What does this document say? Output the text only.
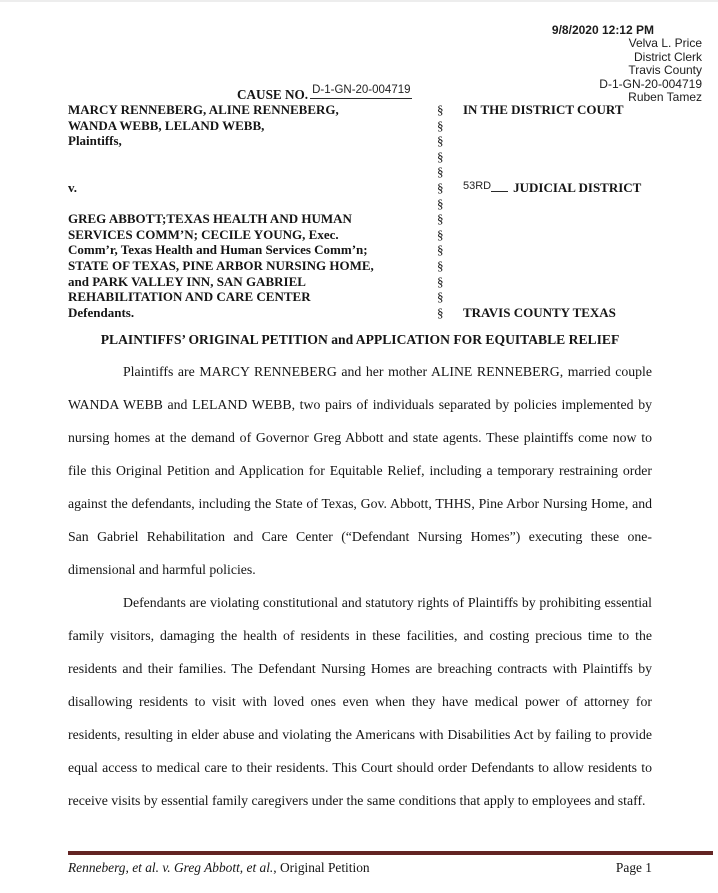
9/8/2020 12:12 PM
Velva L. Price
District Clerk
Travis County
D-1-GN-20-004719
Ruben Tamez
CAUSE NO. D-1-GN-20-004719
MARCY RENNEBERG, ALINE RENNEBERG,	§	IN THE DISTRICT COURT
WANDA WEBB, LELAND WEBB,	§
Plaintiffs,	§
§
§
v.	§	$^{53RD}$ JUDICIAL DISTRICT
§
GREG ABBOTT;TEXAS HEALTH AND HUMAN	§
SERVICES COMM’N; CECILE YOUNG, Exec.	§
Comm’r, Texas Health and Human Services Comm’n;	§
STATE OF TEXAS, PINE ARBOR NURSING HOME,	§
and PARK VALLEY INN, SAN GABRIEL	§
REHABILITATION AND CARE CENTER	§
Defendants.	§	TRAVIS COUNTY TEXAS
PLAINTIFFS’ ORIGINAL PETITION and APPLICATION FOR EQUITABLE RELIEF

Plaintiffs are MARCY RENNEBERG and her mother ALINE RENNEBERG, married couple WANDA WEBB and LELAND WEBB, two pairs of individuals separated by policies implemented by nursing homes at the demand of Governor Greg Abbott and state agents. These plaintiffs come now to file this Original Petition and Application for Equitable Relief, including a temporary restraining order against the defendants, including the State of Texas, Gov. Abbott, THHS, Pine Arbor Nursing Home, and San Gabriel Rehabilitation and Care Center (“Defendant Nursing Homes”) executing these one-dimensional and harmful policies.

Defendants are violating constitutional and statutory rights of Plaintiffs by prohibiting essential family visitors, damaging the health of residents in these facilities, and costing precious time to the residents and their families. The Defendant Nursing Homes are breaching contracts with Plaintiffs by disallowing residents to visit with loved ones even when they have medical power of attorney for residents, resulting in elder abuse and violating the Americans with Disabilities Act by failing to provide equal access to medical care to their residents. This Court should order Defendants to allow residents to receive visits by essential family caregivers under the same conditions that apply to employees and staff.

Renneberg, et al. v. Greg Abbott, et al., Original Petition	Page 1
